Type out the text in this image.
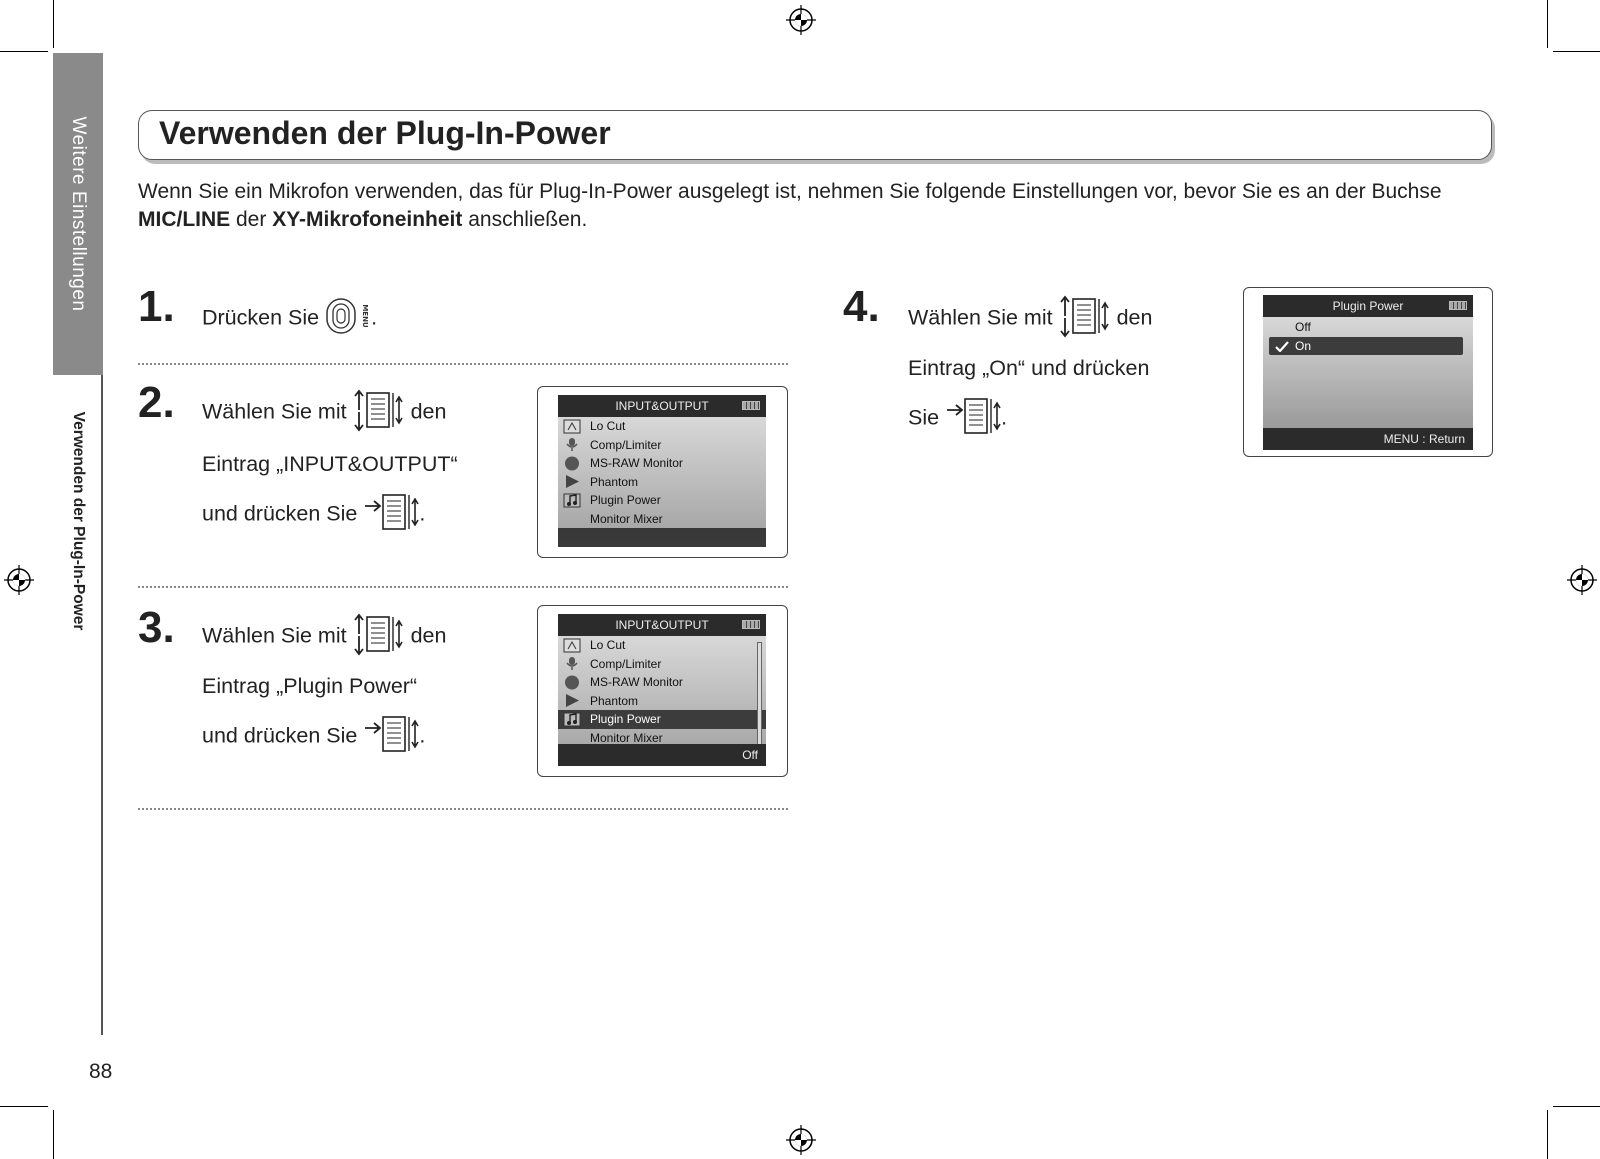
Weitere Einstellungen
Verwenden der Plug-In-Power
88
Verwenden der Plug-In-Power

Wenn Sie ein Mikrofon verwenden, das für Plug-In-Power ausgelegt ist, nehmen Sie folgende Einstellungen vor, bevor Sie es an der Buchse MIC/LINE der XY-Mikrofoneinheit anschließen.

1. Drücken Sie	MENU .
2. Wählen Sie mit	den
Eintrag „INPUT&OUTPUT“
und drücken Sie	.
INPUT&OUTPUT
Lo Cut
Comp/Limiter
MS-RAW Monitor
Phantom
Plugin Power
Monitor Mixer
3. Wählen Sie mit	den
Eintrag „Plugin Power“
und drücken Sie	.
INPUT&OUTPUT
Lo Cut
Comp/Limiter
MS-RAW Monitor
Phantom
Plugin Power
Monitor Mixer
Off
4. Wählen Sie mit	den
Eintrag „On“ und drücken
Sie	.
Plugin Power
Off
On
MENU : Return
